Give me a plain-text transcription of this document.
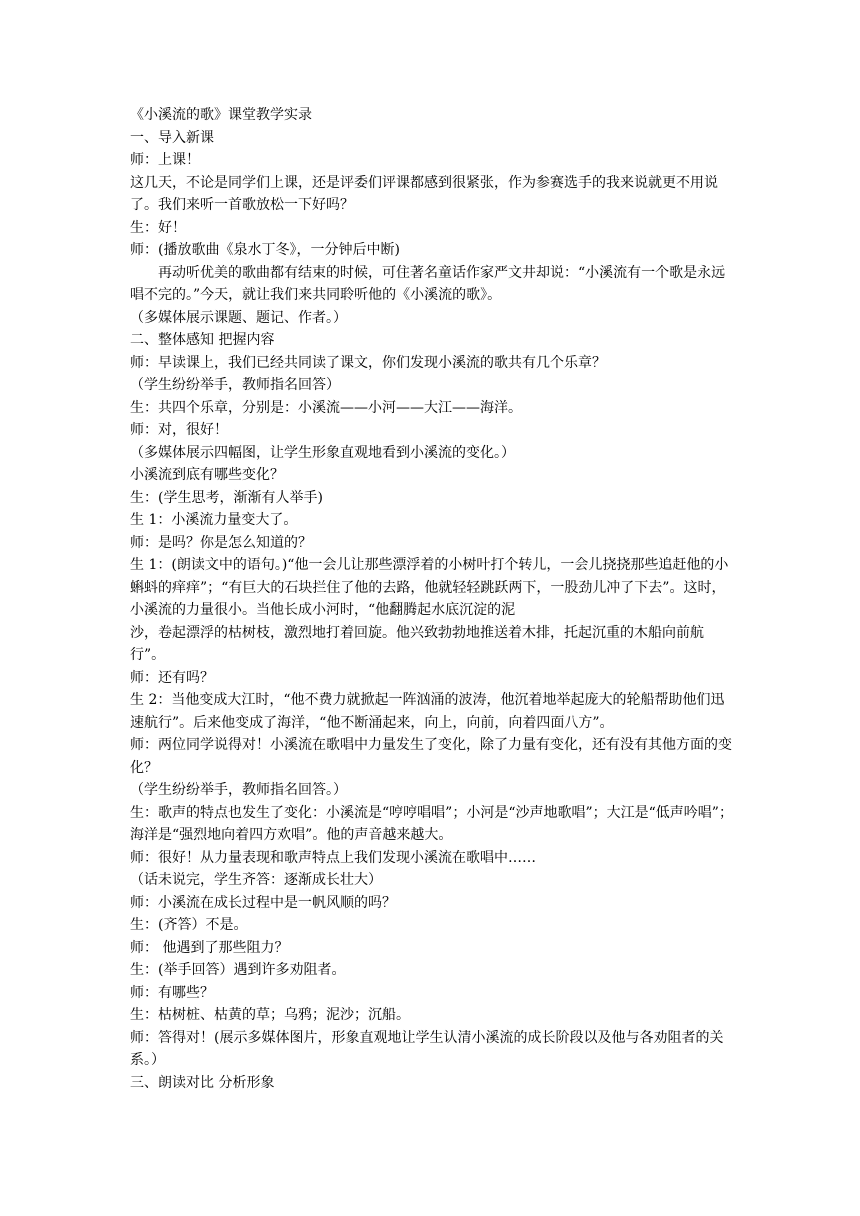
《小溪流的歌》课堂教学实录

一、导入新课

师：上课！

这几天，不论是同学们上课，还是评委们评课都感到很紧张，作为参赛选手的我来说就更不用说了。我们来听一首歌放松一下好吗？

生：好！

师：(播放歌曲《泉水丁冬》，一分钟后中断)

再动听优美的歌曲都有结束的时候，可住著名童话作家严文井却说：“小溪流有一个歌是永远唱不完的。”今天，就让我们来共同聆听他的《小溪流的歌》。

（多媒体展示课题、题记、作者。）

二、整体感知 把握内容

师：早读课上，我们已经共同读了课文，你们发现小溪流的歌共有几个乐章？

（学生纷纷举手，教师指名回答）

生：共四个乐章，分别是：小溪流——小河——大江——海洋。

师：对，很好！

（多媒体展示四幅图，让学生形象直观地看到小溪流的变化。）

小溪流到底有哪些变化？

生：(学生思考，渐渐有人举手)

生 1：小溪流力量变大了。

师：是吗？你是怎么知道的？

生 1：(朗读文中的语句。)“他一会儿让那些漂浮着的小树叶打个转儿，一会儿挠挠那些追赶他的小蝌蚪的痒痒”；“有巨大的石块拦住了他的去路，他就轻轻跳跃两下，一股劲儿冲了下去”。这时，小溪流的力量很小。当他长成小河时，“他翻腾起水底沉淀的泥

沙，卷起漂浮的枯树枝，激烈地打着回旋。他兴致勃勃地推送着木排，托起沉重的木船向前航行”。

师：还有吗？

生 2：当他变成大江时，“他不费力就掀起一阵汹涌的波涛，他沉着地举起庞大的轮船帮助他们迅速航行”。后来他变成了海洋，“他不断涌起来，向上，向前，向着四面八方”。

师：两位同学说得对！小溪流在歌唱中力量发生了变化，除了力量有变化，还有没有其他方面的变化？

（学生纷纷举手，教师指名回答。）

生：歌声的特点也发生了变化：小溪流是“哼哼唱唱”；小河是“沙声地歌唱”；大江是“低声吟唱”；海洋是“强烈地向着四方欢唱”。他的声音越来越大。

师：很好！从力量表现和歌声特点上我们发现小溪流在歌唱中……

（话未说完，学生齐答：逐渐成长壮大）

师：小溪流在成长过程中是一帆风顺的吗？

生：(齐答）不是。

师： 他遇到了那些阻力？

生：(举手回答）遇到许多劝阻者。

师：有哪些？

生：枯树桩、枯黄的草；乌鸦；泥沙；沉船。

师：答得对！(展示多媒体图片，形象直观地让学生认清小溪流的成长阶段以及他与各劝阻者的关系。）

三、朗读对比 分析形象
